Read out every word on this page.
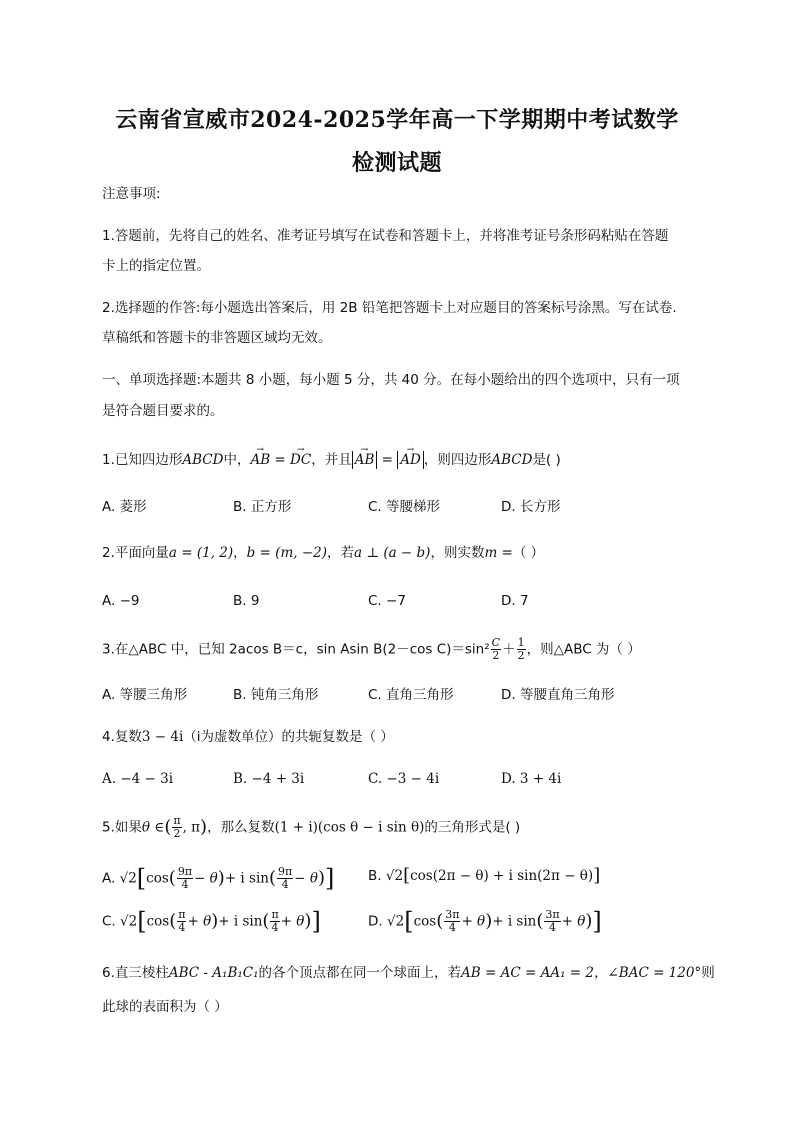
云南省宣威市2024-2025学年高一下学期期中考试数学
检测试题
注意事项:
1.答题前，先将自己的姓名、准考证号填写在试卷和答题卡上，并将准考证号条形码粘贴在答题
卡上的指定位置。
2.选择题的作答:每小题选出答案后，用 2B 铅笔把答题卡上对应题目的答案标号涂黑。写在试卷.
草稿纸和答题卡的非答题区域均无效。
一、单项选择题:本题共 8 小题，每小题 5 分，共 40 分。在每小题给出的四个选项中，只有一项
是符合题目要求的。
1.已知四边形ABCD中，→ AB = → DC，并且→ AB = → AD ，则四边形ABCD是( )
A. 菱形	B. 正方形	C. 等腰梯形	D. 长方形
2.平面向量a = (1, 2)，b = (m, −2)，若a ⊥ (a − b)，则实数m =（ ）
A. −9	B. 9	C. −7	D. 7
3.在△ABC 中，已知 2acos B＝c，sin Asin B(2－cos $C)=\sin^2 \frac{C}{2} + \frac{1}{2}$ ，则△ABC 为（ ）
A. 等腰三角形	B. 钝角三角形	C. 直角三角形	D. 等腰直角三角形
4.复数3 − 4i（i为虚数单位）的共轭复数是（ ）
A. −4 − 3i	B. −4 + 3i	C. −3 − 4i	D. 3 + 4i
5.如果θ ∈( $\frac{\pi}{2}$ , π)，那么复数(1 + i)(cos θ − i sin θ)的三角形式是( )
A. $√2[\cos( \frac{9\pi}{4} - \theta)+ i$ $\sin( \frac{9\pi}{4} - \theta)$] B. √2[cos(2π − θ) + i sin(2π − θ)]
C. $√2[\cos( \frac{\pi}{4} + \theta)+ i$ $\sin( \frac{\pi}{4} + \theta)$]	D. $√2[\cos( \frac{3\pi}{4} + \theta)+ i$ $\sin( \frac{3\pi}{4} + \theta)$]
6.直三棱柱ABC - A₁B₁C₁的各个顶点都在同一个球面上，若AB = AC = AA₁ = 2，∠BAC = 120°则
此球的表面积为（ ）
